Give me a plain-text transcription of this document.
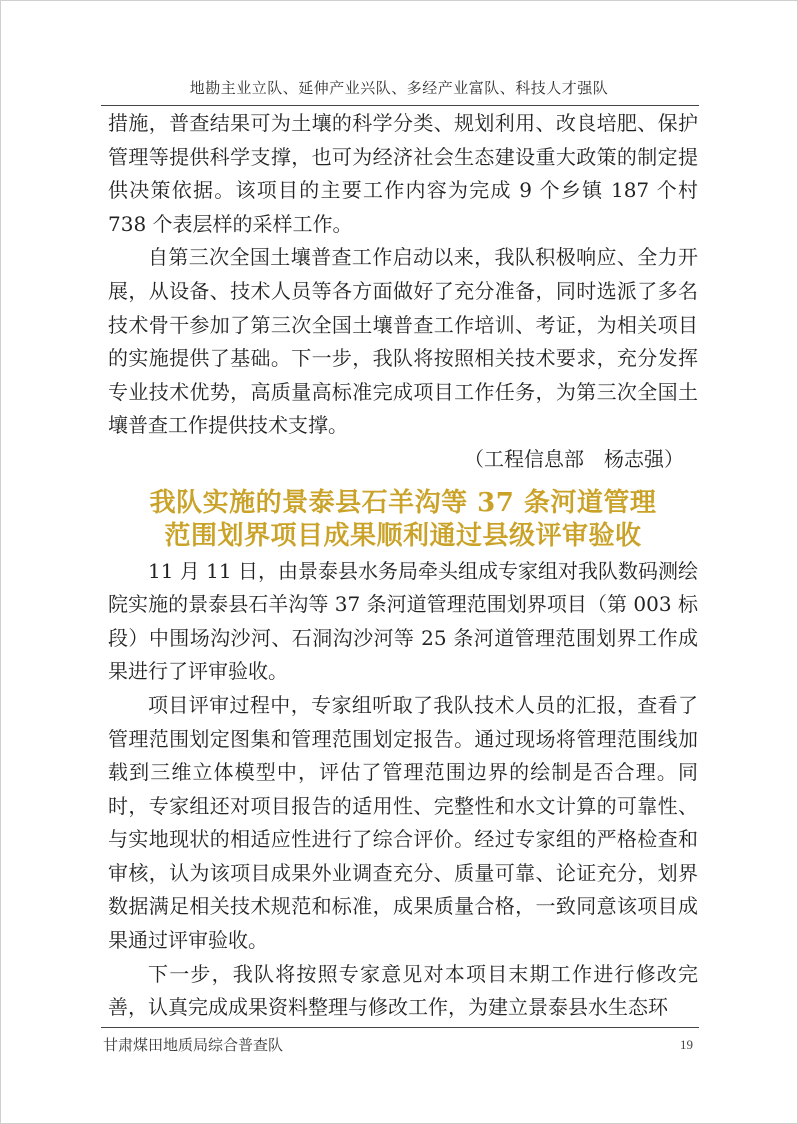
地勘主业立队、延伸产业兴队、多经产业富队、科技人才强队

措施，普查结果可为土壤的科学分类、规划利用、改良培肥、保护管理等提供科学支撑，也可为经济社会生态建设重大政策的制定提供决策依据。该项目的主要工作内容为完成 9 个乡镇 187 个村 738 个表层样的采样工作。

自第三次全国土壤普查工作启动以来，我队积极响应、全力开展，从设备、技术人员等各方面做好了充分准备，同时选派了多名技术骨干参加了第三次全国土壤普查工作培训、考证，为相关项目的实施提供了基础。下一步，我队将按照相关技术要求，充分发挥专业技术优势，高质量高标准完成项目工作任务，为第三次全国土壤普查工作提供技术支撑。

（工程信息部　杨志强）

我队实施的景泰县石羊沟等 37 条河道管理
范围划界项目成果顺利通过县级评审验收

11 月 11 日，由景泰县水务局牵头组成专家组对我队数码测绘院实施的景泰县石羊沟等 37 条河道管理范围划界项目（第 003 标段）中围场沟沙河、石洞沟沙河等 25 条河道管理范围划界工作成果进行了评审验收。

项目评审过程中，专家组听取了我队技术人员的汇报，查看了管理范围划定图集和管理范围划定报告。通过现场将管理范围线加载到三维立体模型中，评估了管理范围边界的绘制是否合理。同时，专家组还对项目报告的适用性、完整性和水文计算的可靠性、与实地现状的相适应性进行了综合评价。经过专家组的严格检查和审核，认为该项目成果外业调查充分、质量可靠、论证充分，划界数据满足相关技术规范和标准，成果质量合格，一致同意该项目成果通过评审验收。

下一步，我队将按照专家意见对本项目末期工作进行修改完善，认真完成成果资料整理与修改工作，为建立景泰县水生态环

甘肃煤田地质局综合普查队	19
